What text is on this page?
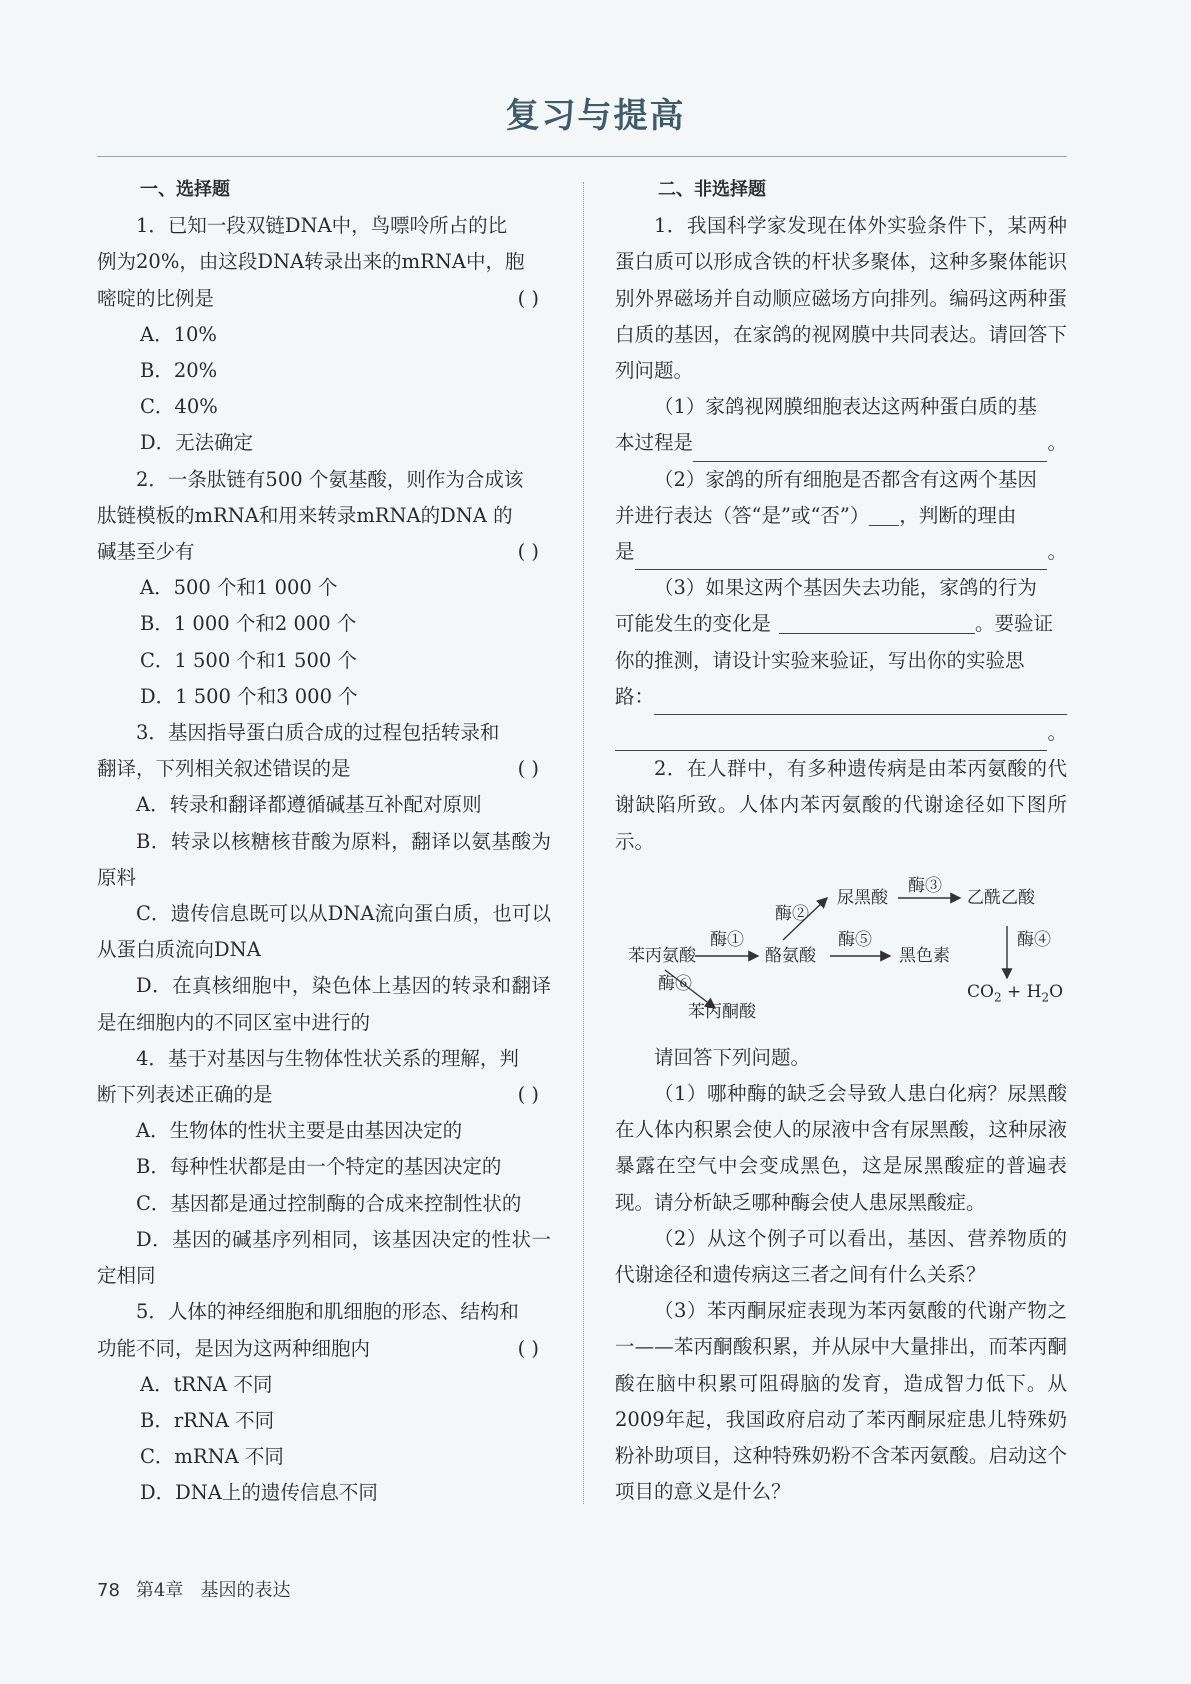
复习与提高

一、选择题

1．已知一段双链DNA中，鸟嘌呤所占的比

例为20%，由这段DNA转录出来的mRNA中，胞

嘧啶的比例是	( )

A．10%

B．20%

C．40%

D．无法确定

2．一条肽链有500 个氨基酸，则作为合成该

肽链模板的mRNA和用来转录mRNA的DNA 的

碱基至少有	( )

A．500 个和1 000 个

B．1 000 个和2 000 个

C．1 500 个和1 500 个

D．1 500 个和3 000 个

3．基因指导蛋白质合成的过程包括转录和

翻译，下列相关叙述错误的是	( )

A．转录和翻译都遵循碱基互补配对原则

B．转录以核糖核苷酸为原料，翻译以氨基酸为原料

C．遗传信息既可以从DNA流向蛋白质，也可以从蛋白质流向DNA

D．在真核细胞中，染色体上基因的转录和翻译是在细胞内的不同区室中进行的

4．基于对基因与生物体性状关系的理解，判

断下列表述正确的是	( )

A．生物体的性状主要是由基因决定的

B．每种性状都是由一个特定的基因决定的

C．基因都是通过控制酶的合成来控制性状的

D．基因的碱基序列相同，该基因决定的性状一定相同

5．人体的神经细胞和肌细胞的形态、结构和

功能不同，是因为这两种细胞内	( )

A．tRNA 不同

B．rRNA 不同

C．mRNA 不同

D．DNA上的遗传信息不同

二、非选择题

1．我国科学家发现在体外实验条件下，某两种蛋白质可以形成含铁的杆状多聚体，这种多聚体能识别外界磁场并自动顺应磁场方向排列。编码这两种蛋白质的基因，在家鸽的视网膜中共同表达。请回答下列问题。

（1）家鸽视网膜细胞表达这两种蛋白质的基

本过程是	。

（2）家鸽的所有细胞是否都含有这两个基因

并进行表达（答“是”或“否”） ，判断的理由

是	。

（3）如果这两个基因失去功能，家鸽的行为

可能发生的变化是	。要验证

你的推测，请设计实验来验证，写出你的实验思

路：

。

2．在人群中，有多种遗传病是由苯丙氨酸的代谢缺陷所致。人体内苯丙氨酸的代谢途径如下图所示。

苯丙氨酸	酪氨酸
尿黑酸	乙酰乙酸
黑色素
苯丙酮酸
酶①
酶②
酶③
酶④
酶⑤
酶⑥	$CO_2 + H_2O$

请回答下列问题。

（1）哪种酶的缺乏会导致人患白化病？尿黑酸在人体内积累会使人的尿液中含有尿黑酸，这种尿液暴露在空气中会变成黑色，这是尿黑酸症的普遍表现。请分析缺乏哪种酶会使人患尿黑酸症。

（2）从这个例子可以看出，基因、营养物质的代谢途径和遗传病这三者之间有什么关系？

（3）苯丙酮尿症表现为苯丙氨酸的代谢产物之一——苯丙酮酸积累，并从尿中大量排出，而苯丙酮酸在脑中积累可阻碍脑的发育，造成智力低下。从2009年起，我国政府启动了苯丙酮尿症患儿特殊奶粉补助项目，这种特殊奶粉不含苯丙氨酸。启动这个项目的意义是什么？

78 第4章 基因的表达
